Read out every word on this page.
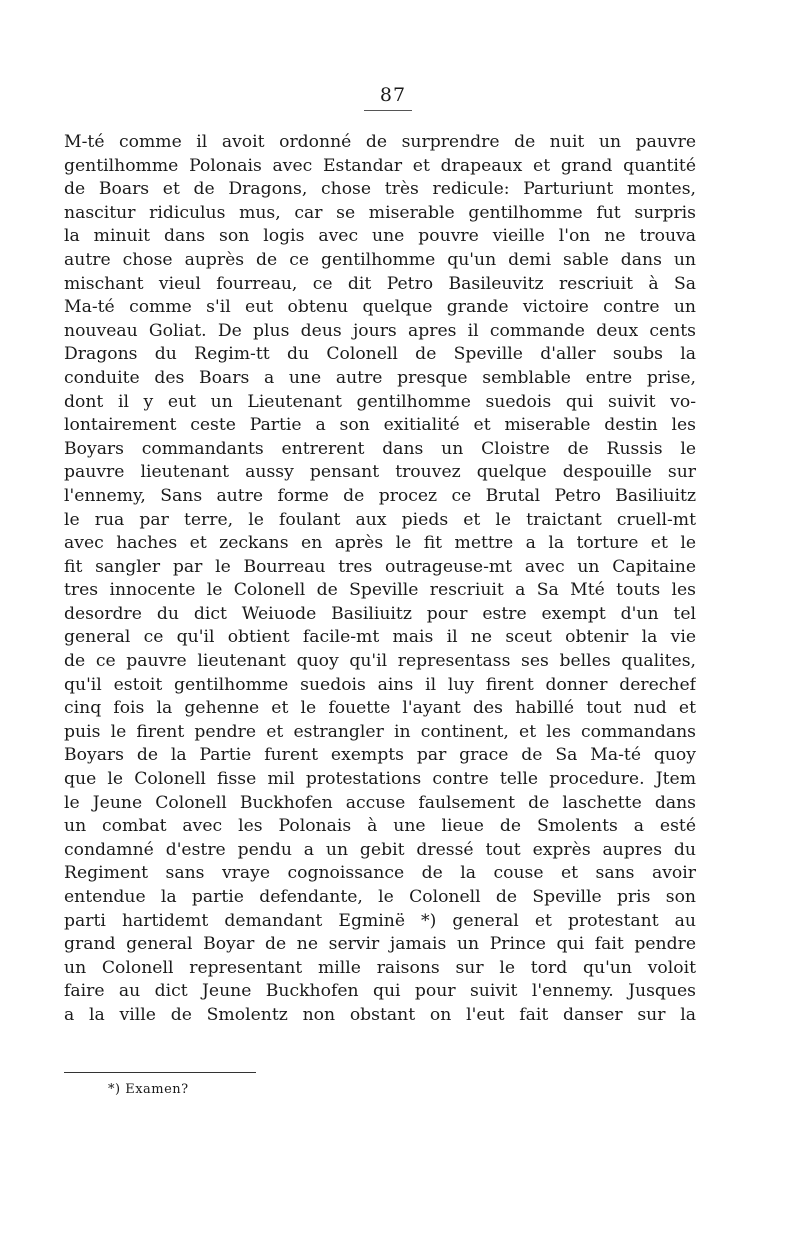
87
M-té comme il avoit ordonné de surprendre de nuit un pauvre
gentilhomme Polonais avec Estandar et drapeaux et grand quantité
de Boars et de Dragons, chose très redicule: Parturiunt montes,
nascitur ridiculus mus, car se miserable gentilhomme fut surpris
la minuit dans son logis avec une pouvre vieille l'on ne trouva
autre chose auprès de ce gentilhomme qu'un demi sable dans un
mischant vieul fourreau, ce dit Petro Basileuvitz rescriuit à Sa
Ma-té comme s'il eut obtenu quelque grande victoire contre un
nouveau Goliat. De plus deus jours apres il commande deux cents
Dragons du Regim-tt du Colonell de Speville d'aller soubs la
conduite des Boars a une autre presque semblable entre prise,
dont il y eut un Lieutenant gentilhomme suedois qui suivit vo-
lontairement ceste Partie a son exitialité et miserable destin les
Boyars commandants entrerent dans un Cloistre de Russis le
pauvre lieutenant aussy pensant trouvez quelque despouille sur
l'ennemy, Sans autre forme de procez ce Brutal Petro Basiliuitz
le rua par terre, le foulant aux pieds et le traictant cruell-mt
avec haches et zeckans en après le fit mettre a la torture et le
fit sangler par le Bourreau tres outrageuse-mt avec un Capitaine
tres innocente le Colonell de Speville rescriuit a Sa Mté touts les
desordre du dict Weiuode Basiliuitz pour estre exempt d'un tel
general ce qu'il obtient facile-mt mais il ne sceut obtenir la vie
de ce pauvre lieutenant quoy qu'il representass ses belles qualites,
qu'il estoit gentilhomme suedois ains il luy firent donner derechef
cinq fois la gehenne et le fouette l'ayant des habillé tout nud et
puis le firent pendre et estrangler in continent, et les commandans
Boyars de la Partie furent exempts par grace de Sa Ma-té quoy
que le Colonell fisse mil protestations contre telle procedure. Jtem
le Jeune Colonell Buckhofen accuse faulsement de laschette dans
un combat avec les Polonais à une lieue de Smolents a esté
condamné d'estre pendu a un gebit dressé tout exprès aupres du
Regiment sans vraye cognoissance de la couse et sans avoir
entendue la partie defendante, le Colonell de Speville pris son
parti hartidemt demandant Egminë *) general et protestant au
grand general Boyar de ne servir jamais un Prince qui fait pendre
un Colonell representant mille raisons sur le tord qu'un voloit
faire au dict Jeune Buckhofen qui pour suivit l'ennemy. Jusques
a la ville de Smolentz non obstant on l'eut fait danser sur la
*) Examen?
